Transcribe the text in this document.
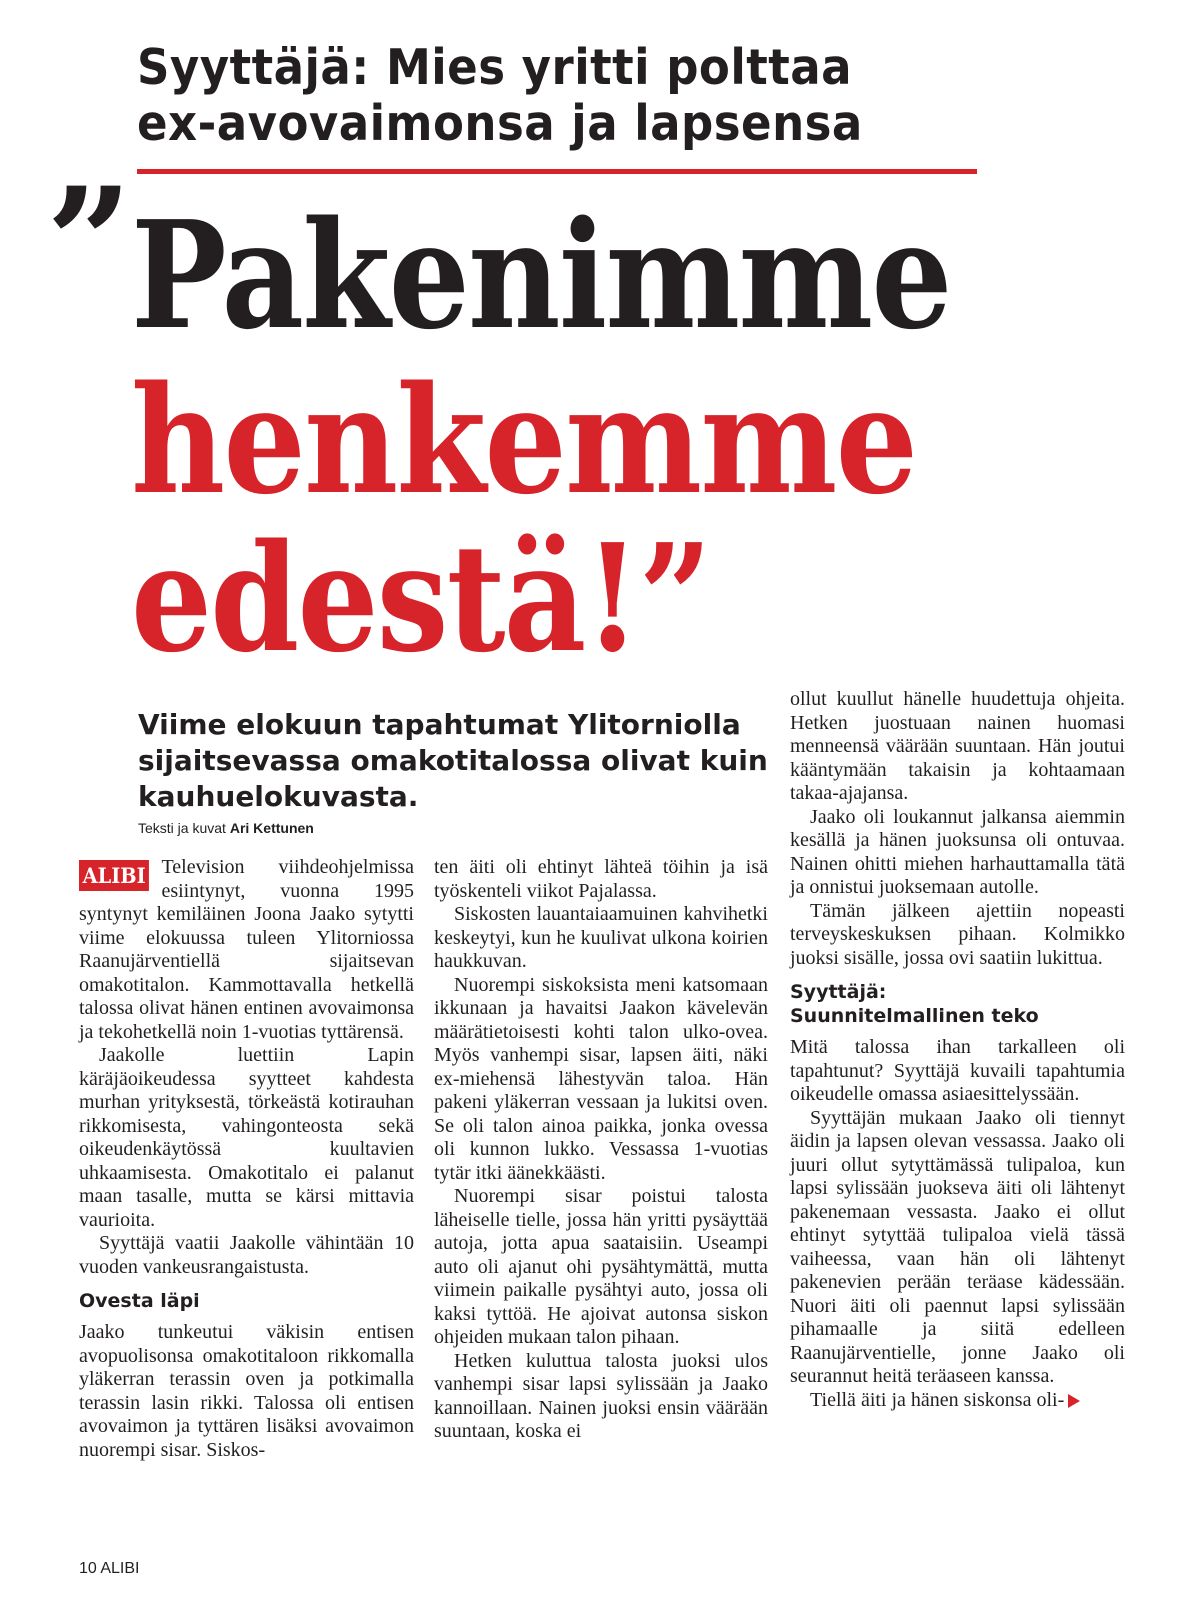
Syyttäjä: Mies yritti polttaa
ex-avovaimonsa ja lapsensa
”
Pakenimme
henkemme
edestä!”
Viime elokuun tapahtumat Ylitorniolla sijaitsevassa omakotitalossa olivat kuin kauhuelokuvasta.
Teksti ja kuvat Ari Kettunen

ALIBI Television viihdeohjelmissa esiintynyt, vuonna 1995 syntynyt kemiläinen Joona Jaako sytytti viime elokuussa tuleen Ylitorniossa Raanujärventiellä sijaitsevan omakotitalon. Kammottavalla hetkellä talossa olivat hänen entinen avovaimonsa ja tekohetkellä noin 1-vuotias tyttärensä.

Jaakolle luettiin Lapin käräjäoikeudessa syytteet kahdesta murhan yrityksestä, törkeästä kotirauhan rikkomisesta, vahingonteosta sekä oikeudenkäytössä kuultavien uhkaamisesta. Omakotitalo ei palanut maan tasalle, mutta se kärsi mittavia vaurioita.

Syyttäjä vaatii Jaakolle vähintään 10 vuoden vankeusrangaistusta.

Ovesta läpi

Jaako tunkeutui väkisin entisen avopuolisonsa omakotitaloon rikkomalla yläkerran terassin oven ja potkimalla terassin lasin rikki. Talossa oli entisen avovaimon ja tyttären lisäksi avovaimon nuorempi sisar. Siskos-

ten äiti oli ehtinyt lähteä töihin ja isä työskenteli viikot Pajalassa.

Siskosten lauantaiaamuinen kahvihetki keskeytyi, kun he kuulivat ulkona koirien haukkuvan.

Nuorempi siskoksista meni katsomaan ikkunaan ja havaitsi Jaakon kävelevän määrätietoisesti kohti talon ulko-ovea. Myös vanhempi sisar, lapsen äiti, näki ex-miehensä lähestyvän taloa. Hän pakeni yläkerran vessaan ja lukitsi oven. Se oli talon ainoa paikka, jonka ovessa oli kunnon lukko. Vessassa 1-vuotias tytär itki äänekkäästi.

Nuorempi sisar poistui talosta läheiselle tielle, jossa hän yritti pysäyttää autoja, jotta apua saataisiin. Useampi auto oli ajanut ohi pysähtymättä, mutta viimein paikalle pysähtyi auto, jossa oli kaksi tyttöä. He ajoivat autonsa siskon ohjeiden mukaan talon pihaan.

Hetken kuluttua talosta juoksi ulos vanhempi sisar lapsi sylissään ja Jaako kannoillaan. Nainen juoksi ensin väärään suuntaan, koska ei

ollut kuullut hänelle huudettuja ohjeita. Hetken juostuaan nainen huomasi menneensä väärään suuntaan. Hän joutui kääntymään takaisin ja kohtaamaan takaa-ajajansa.

Jaako oli loukannut jalkansa aiemmin kesällä ja hänen juoksunsa oli ontuvaa. Nainen ohitti miehen harhauttamalla tätä ja onnistui juoksemaan autolle.

Tämän jälkeen ajettiin nopeasti terveyskeskuksen pihaan. Kolmikko juoksi sisälle, jossa ovi saatiin lukittua.

Syyttäjä:
Suunnitelmallinen teko

Mitä talossa ihan tarkalleen oli tapahtunut? Syyttäjä kuvaili tapahtumia oikeudelle omassa asiaesittelyssään.

Syyttäjän mukaan Jaako oli tiennyt äidin ja lapsen olevan vessassa. Jaako oli juuri ollut sytyttämässä tulipaloa, kun lapsi sylissään juokseva äiti oli lähtenyt pakenemaan vessasta. Jaako ei ollut ehtinyt sytyttää tulipaloa vielä tässä vaiheessa, vaan hän oli lähtenyt pakenevien perään teräase kädessään. Nuori äiti oli paennut lapsi sylissään pihamaalle ja siitä edelleen Raanujärventielle, jonne Jaako oli seurannut heitä teräaseen kanssa.

Tiellä äiti ja hänen siskonsa oli-

10 ALIBI
